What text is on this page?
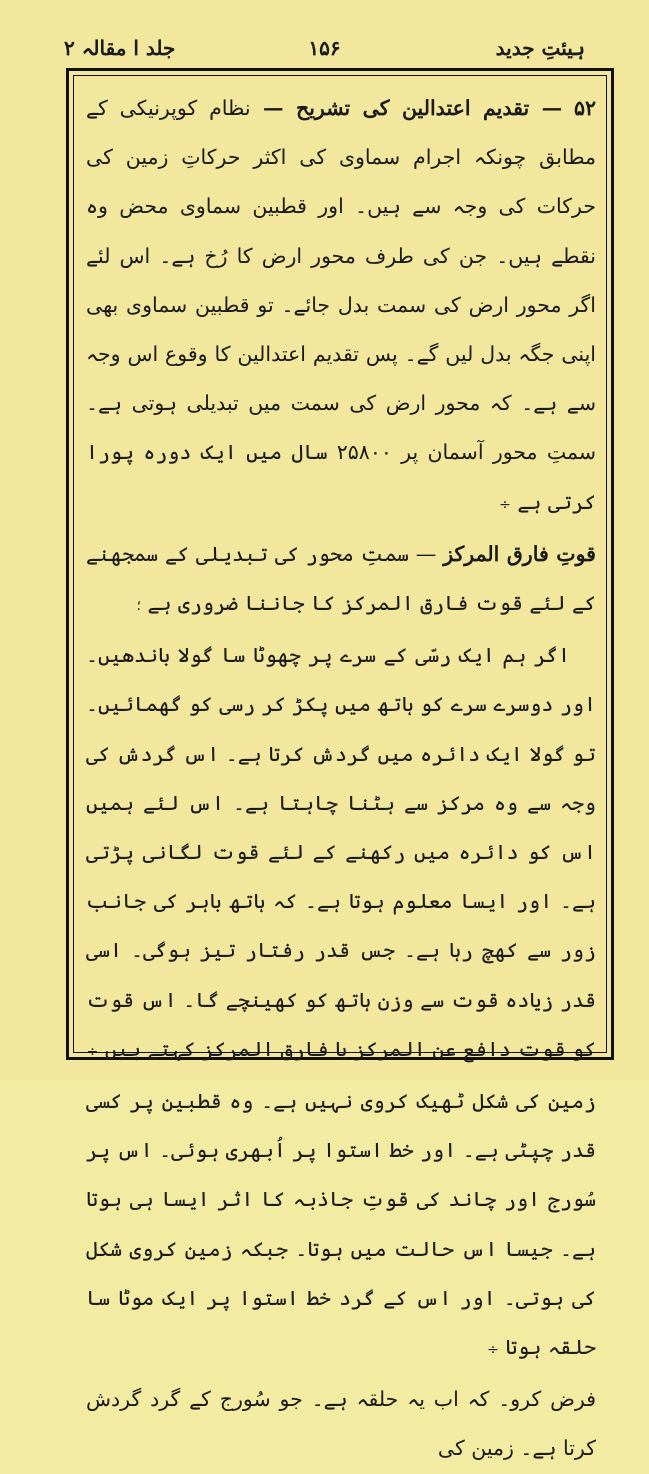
ہیئتِ جدید
۱۵۶
جلد ا مقالہ ۲

۵۲ — تقدیم اعتدالین کی تشریح — نظام کوپرنیکی کے مطابق چونکہ اجرام سماوی کی اکثر حرکاتِ زمین کی حرکات کی وجہ سے ہیں۔ اور قطبین سماوی محض وہ نقطے ہیں۔ جن کی طرف محور ارض کا رُخ ہے۔ اس لئے اگر محور ارض کی سمت بدل جائے۔ تو قطبین سماوی بھی اپنی جگہ بدل لیں گے۔ پس تقدیم اعتدالین کا وقوع اس وجہ سے ہے۔ کہ محور ارض کی سمت میں تبدیلی ہوتی ہے۔ سمتِ محور آسمان پر ۲۵۸۰۰ سال میں ایک دورہ پورا کرتی ہے ÷

قوتِ فارق المرکز — سمتِ محور کی تبدیلی کے سمجھنے کے لئے قوت فارق المرکز کا جاننا ضروری ہے ؛

اگر ہم ایک رسّی کے سرے پر چھوٹا سا گولا باندھیں۔ اور دوسرے سرے کو ہاتھ میں پکڑ کر رسی کو گھمائیں۔ تو گولا ایک دائرہ میں گردش کرتا ہے۔ اس گردش کی وجہ سے وہ مرکز سے ہٹنا چاہتا ہے۔ اس لئے ہمیں اس کو دائرہ میں رکھنے کے لئے قوت لگانی پڑتی ہے۔ اور ایسا معلوم ہوتا ہے۔ کہ ہاتھ باہر کی جانب زور سے کھچ رہا ہے۔ جس قدر رفتار تیز ہوگی۔ اسی قدر زیادہ قوت سے وزن ہاتھ کو کھینچے گا۔ اس قوت کو قوت دافع عن المرکز یا فارق المرکز کہتے ہیں ÷

زمین کی شکل ٹھیک کروی نہیں ہے۔ وہ قطبین پر کسی قدر چپٹی ہے۔ اور خط استوا پر اُبھری ہوئی۔ اس پر سُورج اور چاند کی قوتِ جاذبہ کا اثر ایسا ہی ہوتا ہے۔ جیسا اس حالت میں ہوتا۔ جبکہ زمین کروی شکل کی ہوتی۔ اور اس کے گرد خط استوا پر ایک موٹا سا حلقہ ہوتا ÷

فرض کرو۔ کہ اب یہ حلقہ ہے۔ جو سُورج کے گرد گردش کرتا ہے۔ زمین کی
